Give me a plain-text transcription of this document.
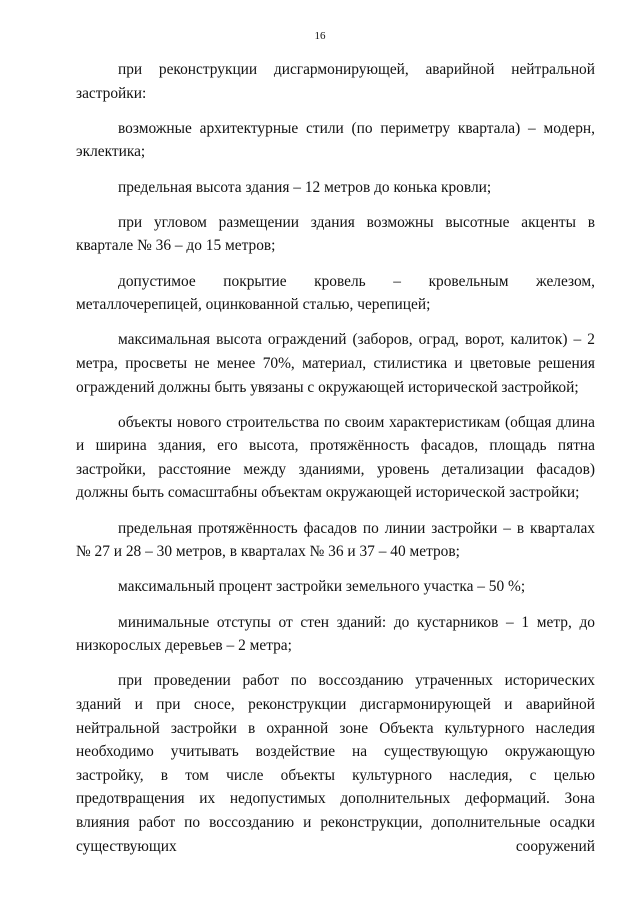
16

при реконструкции дисгармонирующей, аварийной нейтральной застройки:

возможные архитектурные стили (по периметру квартала) – модерн, эклектика;

предельная высота здания – 12 метров до конька кровли;

при угловом размещении здания возможны высотные акценты в квартале № 36 – до 15 метров;

допустимое покрытие кровель – кровельным железом, металлочерепицей, оцинкованной сталью, черепицей;

максимальная высота ограждений (заборов, оград, ворот, калиток) – 2 метра, просветы не менее 70%, материал, стилистика и цветовые решения ограждений должны быть увязаны с окружающей исторической застройкой;

объекты нового строительства по своим характеристикам (общая длина и ширина здания, его высота, протяжённость фасадов, площадь пятна застройки, расстояние между зданиями, уровень детализации фасадов) должны быть сомасштабны объектам окружающей исторической застройки;

предельная протяжённость фасадов по линии застройки – в кварталах № 27 и 28 – 30 метров, в кварталах № 36 и 37 – 40 метров;

максимальный процент застройки земельного участка – 50 %;

минимальные отступы от стен зданий: до кустарников – 1 метр, до низкорослых деревьев – 2 метра;

при проведении работ по воссозданию утраченных исторических зданий и при сносе, реконструкции дисгармонирующей и аварийной нейтральной застройки в охранной зоне Объекта культурного наследия необходимо учитывать воздействие на существующую окружающую застройку, в том числе объекты культурного наследия, с целью предотвращения их недопустимых дополнительных деформаций. Зона влияния работ по воссозданию и реконструкции, дополнительные осадки существующих сооружений
